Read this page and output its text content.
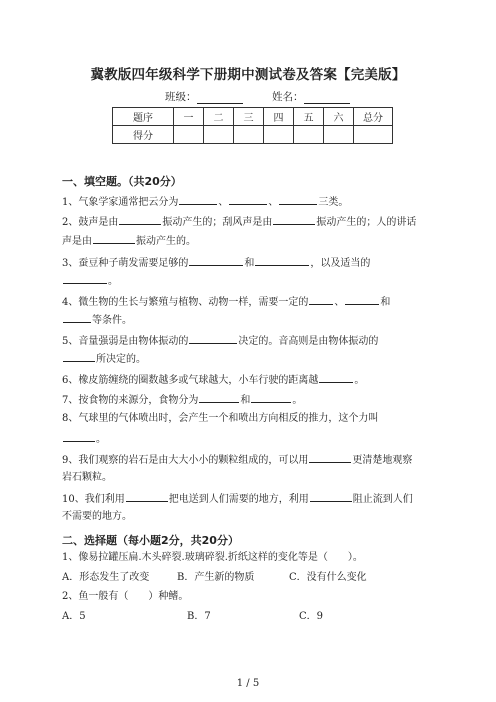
冀教版四年级科学下册期中测试卷及答案【完美版】
班级：	姓名：
题序	一	二	三	四	五	六	总分
得分							
一、填空题。（共20分）
1、气象学家通常把云分为	、	、	三类。
2、鼓声是由	振动产生的；刮风声是由	振动产生的；人的讲话
声是由	振动产生的。
3、蚕豆种子萌发需要足够的	和	，以及适当的
。
4、微生物的生长与繁殖与植物、动物一样，需要一定的	、	和
等条件。
5、音量强弱是由物体振动的	决定的。音高则是由物体振动的
所决定的。
6、橡皮筋缠绕的圈数越多或气球越大，小车行驶的距离越	。
7、按食物的来源分，食物分为	和	。
8、气球里的气体喷出时，会产生一个和喷出方向相反的推力，这个力叫
。
9、我们观察的岩石是由大大小小的颗粒组成的，可以用	更清楚地观察
岩石颗粒。
10、我们利用	把电送到人们需要的地方，利用	阻止流到人们
不需要的地方。
二、选择题（每小题2分，共20分）
1、像易拉罐压扁.木头碎裂.玻璃碎裂.折纸这样的变化等是（　　）。
A．形态发生了改变	B．产生新的物质	C．没有什么变化
2、鱼一般有（　　）种鳍。
A．5	B．7	C．9
1 / 5
